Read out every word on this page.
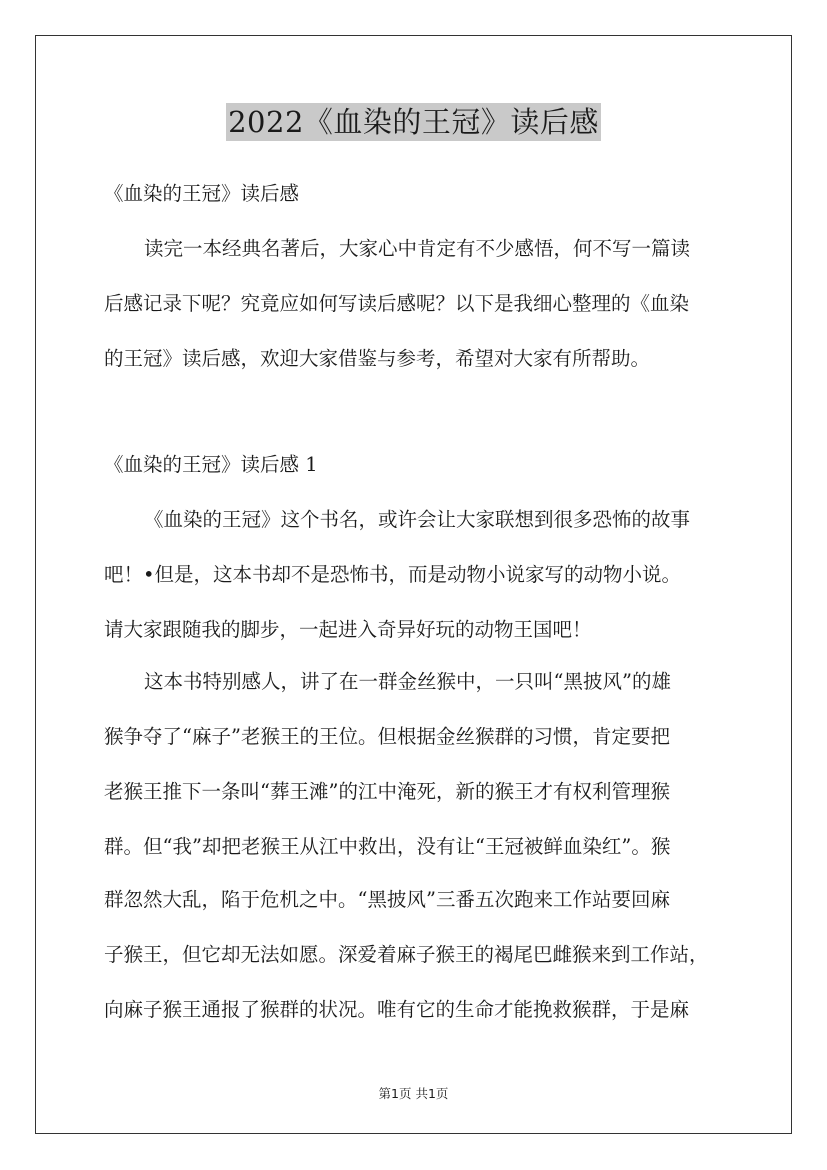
2022《血染的王冠》读后感
《血染的王冠》读后感
读完一本经典名著后，大家心中肯定有不少感悟，何不写一篇读
后感记录下呢？究竟应如何写读后感呢？以下是我细心整理的《血染
的王冠》读后感，欢迎大家借鉴与参考，希望对大家有所帮助。
《血染的王冠》读后感 1
《血染的王冠》这个书名，或许会让大家联想到很多恐怖的故事
吧！•但是，这本书却不是恐怖书，而是动物小说家写的动物小说。
请大家跟随我的脚步，一起进入奇异好玩的动物王国吧！
这本书特别感人，讲了在一群金丝猴中，一只叫“黑披风”的雄
猴争夺了“麻子”老猴王的王位。但根据金丝猴群的习惯，肯定要把
老猴王推下一条叫“葬王滩”的江中淹死，新的猴王才有权利管理猴
群。但“我”却把老猴王从江中救出，没有让“王冠被鲜血染红”。猴
群忽然大乱，陷于危机之中。“黑披风”三番五次跑来工作站要回麻
子猴王，但它却无法如愿。深爱着麻子猴王的褐尾巴雌猴来到工作站，
向麻子猴王通报了猴群的状况。唯有它的生命才能挽救猴群，于是麻
第1页 共1页
